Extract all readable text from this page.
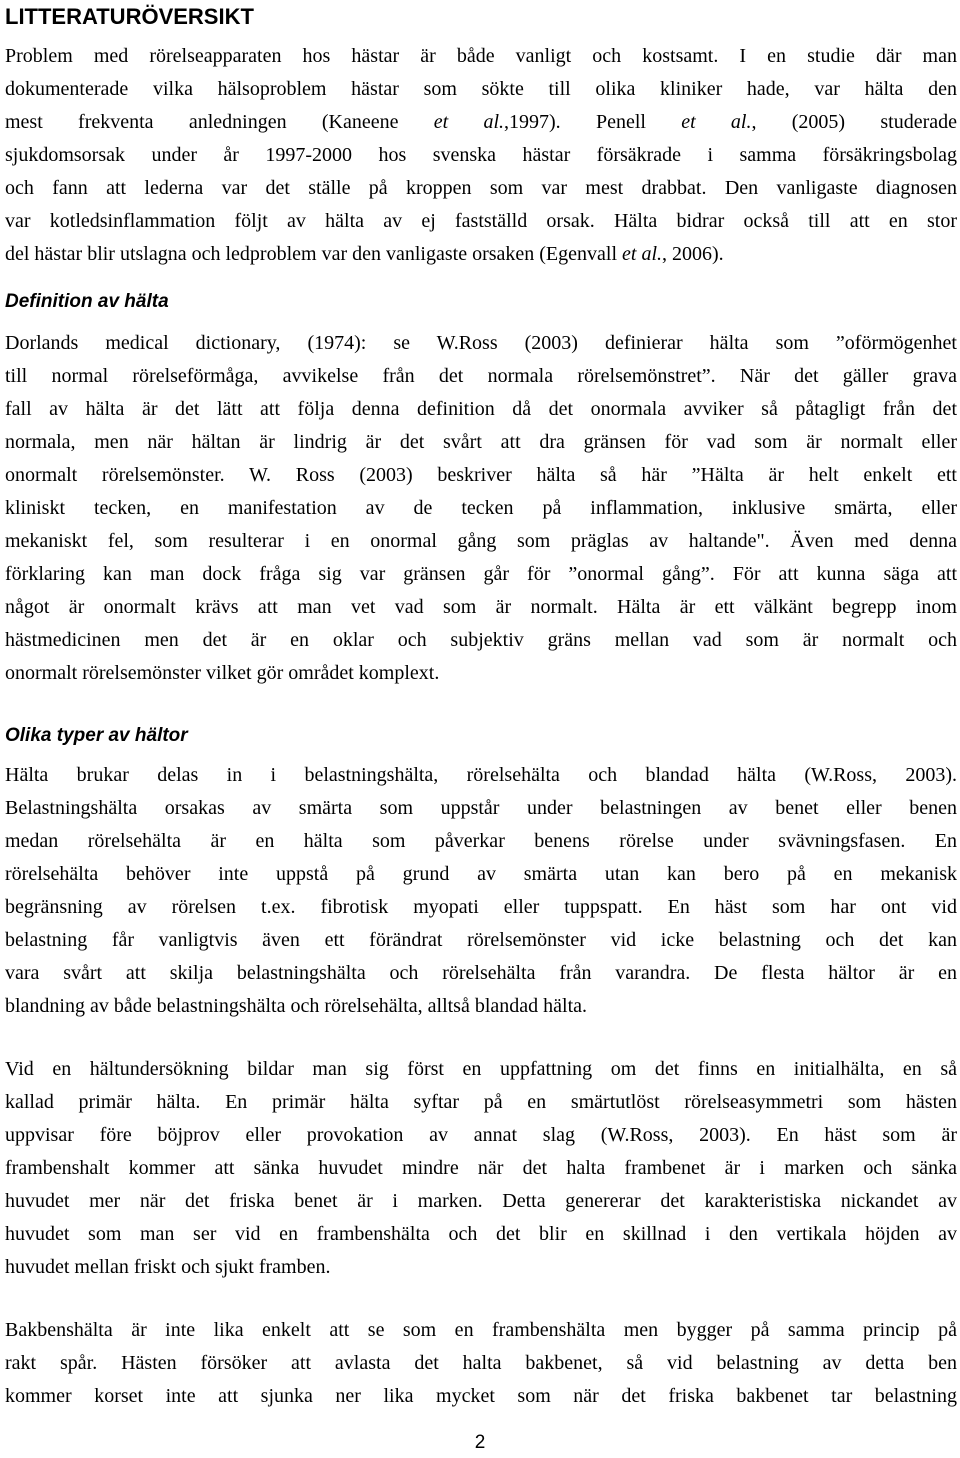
LITTERATURÖVERSIKT
Problem med rörelseapparaten hos hästar är både vanligt och kostsamt. I en studie där man
dokumenterade vilka hälsoproblem hästar som sökte till olika kliniker hade, var hälta den
mest frekventa anledningen (Kaneene et al.,1997). Penell et al., (2005) studerade
sjukdomsorsak under år 1997-2000 hos svenska hästar försäkrade i samma försäkringsbolag
och fann att lederna var det ställe på kroppen som var mest drabbat. Den vanligaste diagnosen
var kotledsinflammation följt av hälta av ej fastställd orsak. Hälta bidrar också till att en stor
del hästar blir utslagna och ledproblem var den vanligaste orsaken (Egenvall et al., 2006).
Definition av hälta
Dorlands medical dictionary, (1974): se W.Ross (2003) definierar hälta som ”oförmögenhet
till normal rörelseförmåga, avvikelse från det normala rörelsemönstret”. När det gäller grava
fall av hälta är det lätt att följa denna definition då det onormala avviker så påtagligt från det
normala, men när hältan är lindrig är det svårt att dra gränsen för vad som är normalt eller
onormalt rörelsemönster. W. Ross (2003) beskriver hälta så här ”Hälta är helt enkelt ett
kliniskt tecken, en manifestation av de tecken på inflammation, inklusive smärta, eller
mekaniskt fel, som resulterar i en onormal gång som präglas av haltande". Även med denna
förklaring kan man dock fråga sig var gränsen går för ”onormal gång”. För att kunna säga att
något är onormalt krävs att man vet vad som är normalt. Hälta är ett välkänt begrepp inom
hästmedicinen men det är en oklar och subjektiv gräns mellan vad som är normalt och
onormalt rörelsemönster vilket gör området komplext.
Olika typer av hältor
Hälta brukar delas in i belastningshälta, rörelsehälta och blandad hälta (W.Ross, 2003).
Belastningshälta orsakas av smärta som uppstår under belastningen av benet eller benen
medan rörelsehälta är en hälta som påverkar benens rörelse under svävningsfasen. En
rörelsehälta behöver inte uppstå på grund av smärta utan kan bero på en mekanisk
begränsning av rörelsen t.ex. fibrotisk myopati eller tuppspatt. En häst som har ont vid
belastning får vanligtvis även ett förändrat rörelsemönster vid icke belastning och det kan
vara svårt att skilja belastningshälta och rörelsehälta från varandra. De flesta hältor är en
blandning av både belastningshälta och rörelsehälta, alltså blandad hälta.
Vid en hältundersökning bildar man sig först en uppfattning om det finns en initialhälta, en så
kallad primär hälta. En primär hälta syftar på en smärtutlöst rörelseasymmetri som hästen
uppvisar före böjprov eller provokation av annat slag (W.Ross, 2003). En häst som är
frambenshalt kommer att sänka huvudet mindre när det halta frambenet är i marken och sänka
huvudet mer när det friska benet är i marken. Detta genererar det karakteristiska nickandet av
huvudet som man ser vid en frambenshälta och det blir en skillnad i den vertikala höjden av
huvudet mellan friskt och sjukt framben.
Bakbenshälta är inte lika enkelt att se som en frambenshälta men bygger på samma princip på
rakt spår. Hästen försöker att avlasta det halta bakbenet, så vid belastning av detta ben
kommer korset inte att sjunka ner lika mycket som när det friska bakbenet tar belastning
2
